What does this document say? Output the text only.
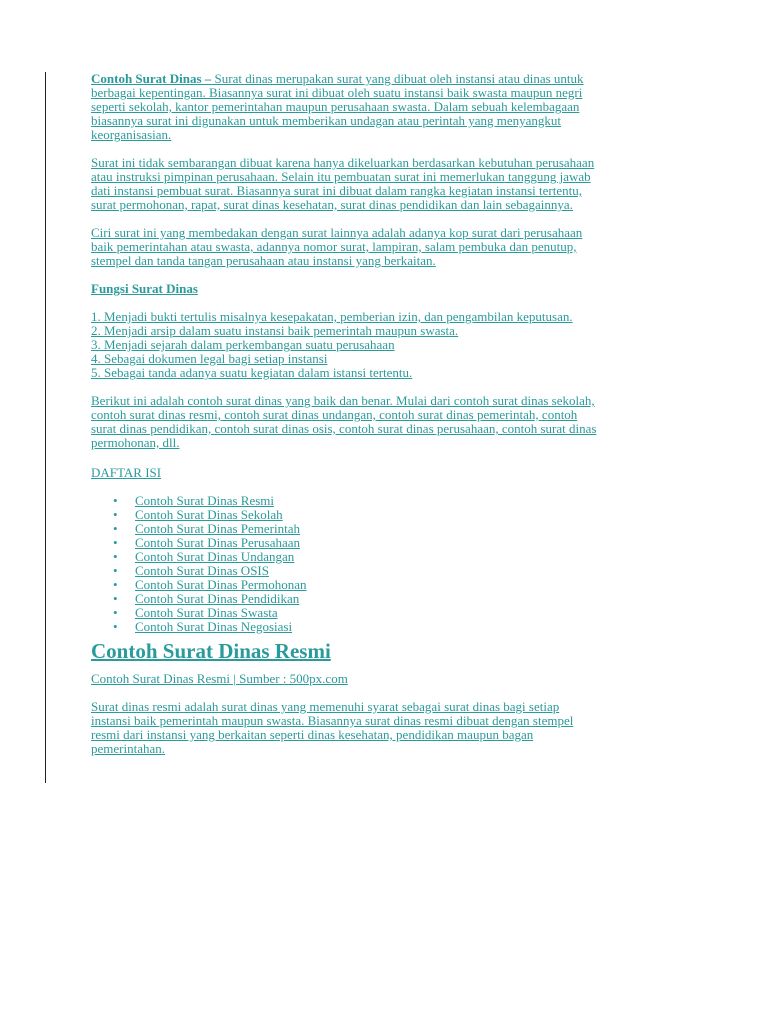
Contoh Surat Dinas – Surat dinas merupakan surat yang dibuat oleh instansi atau dinas untuk
berbagai kepentingan. Biasannya surat ini dibuat oleh suatu instansi baik swasta maupun negri
seperti sekolah, kantor pemerintahan maupun perusahaan swasta. Dalam sebuah kelembagaan
biasannya surat ini digunakan untuk memberikan undagan atau perintah yang menyangkut
keorganisasian.
Surat ini tidak sembarangan dibuat karena hanya dikeluarkan berdasarkan kebutuhan perusahaan
atau instruksi pimpinan perusahaan. Selain itu pembuatan surat ini memerlukan tanggung jawab
dati instansi pembuat surat. Biasannya surat ini dibuat dalam rangka kegiatan instansi tertentu,
surat permohonan, rapat, surat dinas kesehatan, surat dinas pendidikan dan lain sebagainnya.
Ciri surat ini yang membedakan dengan surat lainnya adalah adanya kop surat dari perusahaan
baik pemerintahan atau swasta, adannya nomor surat, lampiran, salam pembuka dan penutup,
stempel dan tanda tangan perusahaan atau instansi yang berkaitan.
Fungsi Surat Dinas
1. Menjadi bukti tertulis misalnya kesepakatan, pemberian izin, dan pengambilan keputusan.
2. Menjadi arsip dalam suatu instansi baik pemerintah maupun swasta.
3. Menjadi sejarah dalam perkembangan suatu perusahaan
4. Sebagai dokumen legal bagi setiap instansi
5. Sebagai tanda adanya suatu kegiatan dalam istansi tertentu.
Berikut ini adalah contoh surat dinas yang baik dan benar. Mulai dari contoh surat dinas sekolah,
contoh surat dinas resmi, contoh surat dinas undangan, contoh surat dinas pemerintah, contoh
surat dinas pendidikan, contoh surat dinas osis, contoh surat dinas perusahaan, contoh surat dinas
permohonan, dll.
DAFTAR ISI
• Contoh Surat Dinas Resmi
• Contoh Surat Dinas Sekolah
• Contoh Surat Dinas Pemerintah
• Contoh Surat Dinas Perusahaan
• Contoh Surat Dinas Undangan
• Contoh Surat Dinas OSIS
• Contoh Surat Dinas Permohonan
• Contoh Surat Dinas Pendidikan
• Contoh Surat Dinas Swasta
• Contoh Surat Dinas Negosiasi
Contoh Surat Dinas Resmi
Contoh Surat Dinas Resmi | Sumber : 500px.com
Surat dinas resmi adalah surat dinas yang memenuhi syarat sebagai surat dinas bagi setiap
instansi baik pemerintah maupun swasta. Biasannya surat dinas resmi dibuat dengan stempel
resmi dari instansi yang berkaitan seperti dinas kesehatan, pendidikan maupun bagan
pemerintahan.
